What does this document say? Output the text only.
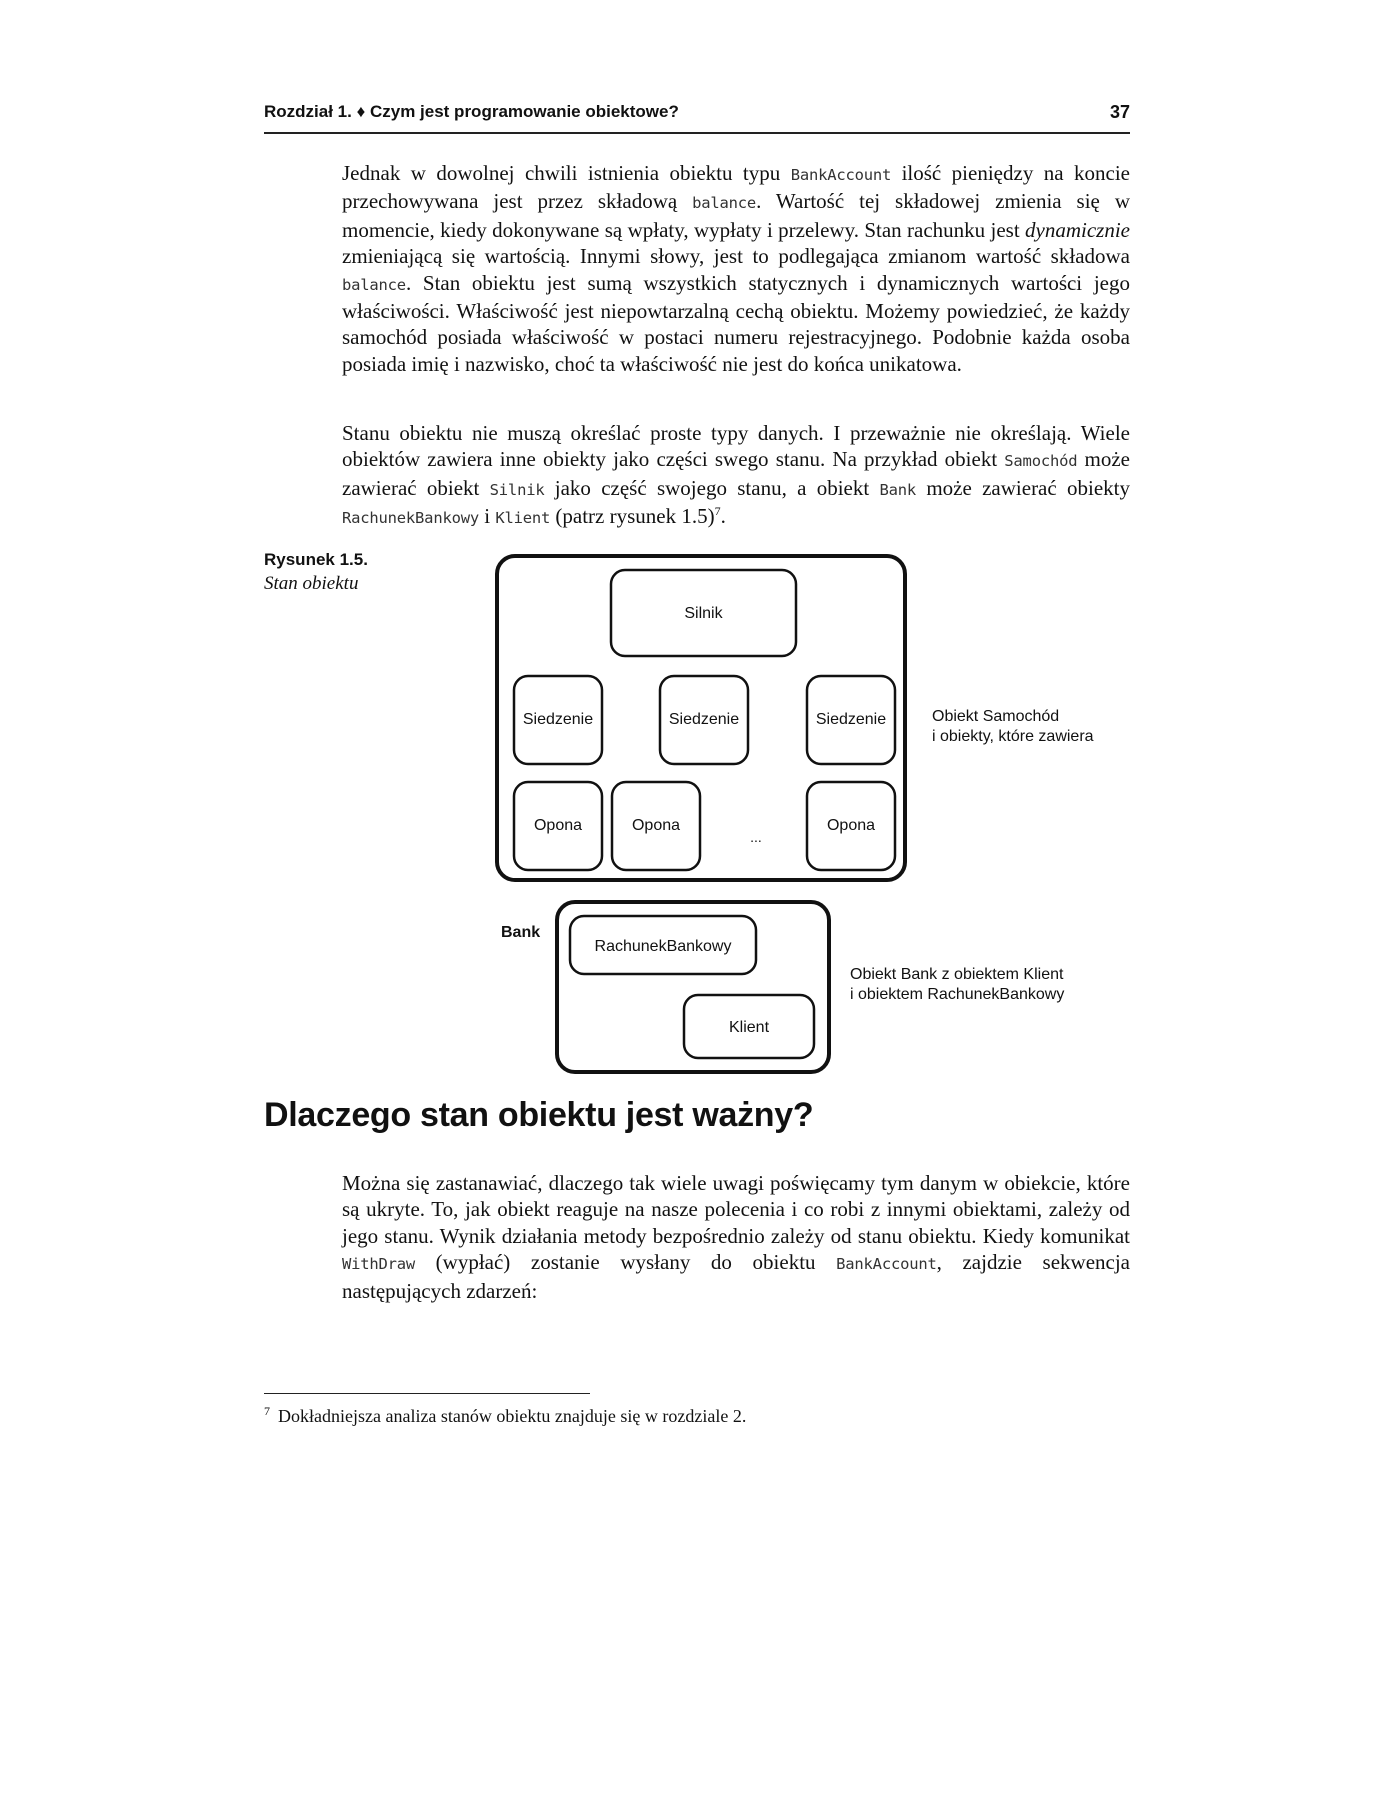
Rozdział 1. ♦ Czym jest programowanie obiektowe?	37

Jednak w dowolnej chwili istnienia obiektu typu BankAccount ilość pieniędzy na koncie przechowywana jest przez składową balance. Wartość tej składowej zmienia się w momencie, kiedy dokonywane są wpłaty, wypłaty i przelewy. Stan rachunku jest dynamicznie zmieniającą się wartością. Innymi słowy, jest to podlegająca zmianom wartość składowa balance. Stan obiektu jest sumą wszystkich statycznych i dynamicznych wartości jego właściwości. Właściwość jest niepowtarzalną cechą obiektu. Możemy powiedzieć, że każdy samochód posiada właściwość w postaci numeru rejestracyjnego. Podobnie każda osoba posiada imię i nazwisko, choć ta właściwość nie jest do końca unikatowa.

Stanu obiektu nie muszą określać proste typy danych. I przeważnie nie określają. Wiele obiektów zawiera inne obiekty jako części swego stanu. Na przykład obiekt Samochód może zawierać obiekt Silnik jako część swojego stanu, a obiekt Bank może zawierać obiekty RachunekBankowy i Klient (patrz rysunek 1.5)$^7$.

Rysunek 1.5.
Stan obiektu
Silnik
Siedzenie	Siedzenie	Siedzenie
Opona	Opona
...
Opona
Obiekt Samochód
i obiekty, które zawiera
Bank
RachunekBankowy
Klient
Obiekt Bank z obiektem Klient
i obiektem RachunekBankowy
Dlaczego stan obiektu jest ważny?

Można się zastanawiać, dlaczego tak wiele uwagi poświęcamy tym danym w obiekcie, które są ukryte. To, jak obiekt reaguje na nasze polecenia i co robi z innymi obiektami, zależy od jego stanu. Wynik działania metody bezpośrednio zależy od stanu obiektu. Kiedy komunikat WithDraw (wypłać) zostanie wysłany do obiektu BankAccount, zajdzie sekwencja następujących zdarzeń:

$^7$ Dokładniejsza analiza stanów obiektu znajduje się w rozdziale 2.
